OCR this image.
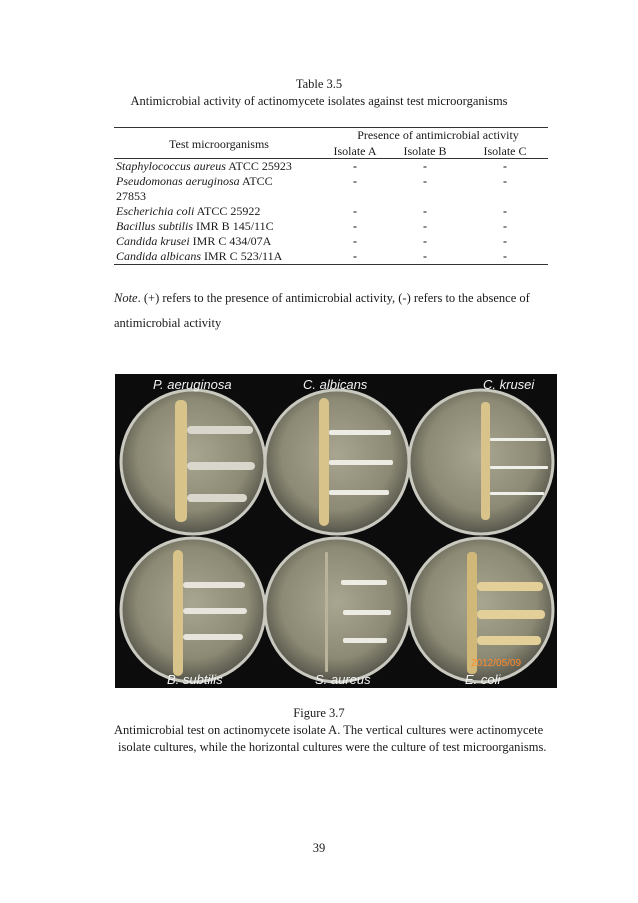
Table 3.5
Antimicrobial activity of actinomycete isolates against test microorganisms
Test microorganisms
Presence of antimicrobial activity
Isolate A	Isolate B	Isolate C
Staphylococcus aureus ATCC 25923	-	-	-
Pseudomonas aeruginosa ATCC	-	-	-
27853
Escherichia coli ATCC 25922	-	-	-
Bacillus subtilis IMR B 145/11C	-	-	-
Candida krusei IMR C 434/07A	-	-	-
Candida albicans IMR C 523/11A	-	-	-
Note. (+) refers to the presence of antimicrobial activity, (-) refers to the absence of antimicrobial activity
P. aeruginosa	C. albicans	C. krusei
B. subtilis	S. aureus	E. coli
2012/05/09
Figure 3.7
Antimicrobial test on actinomycete isolate A. The vertical cultures were actinomycete
isolate cultures, while the horizontal cultures were the culture of test microorganisms.
39
